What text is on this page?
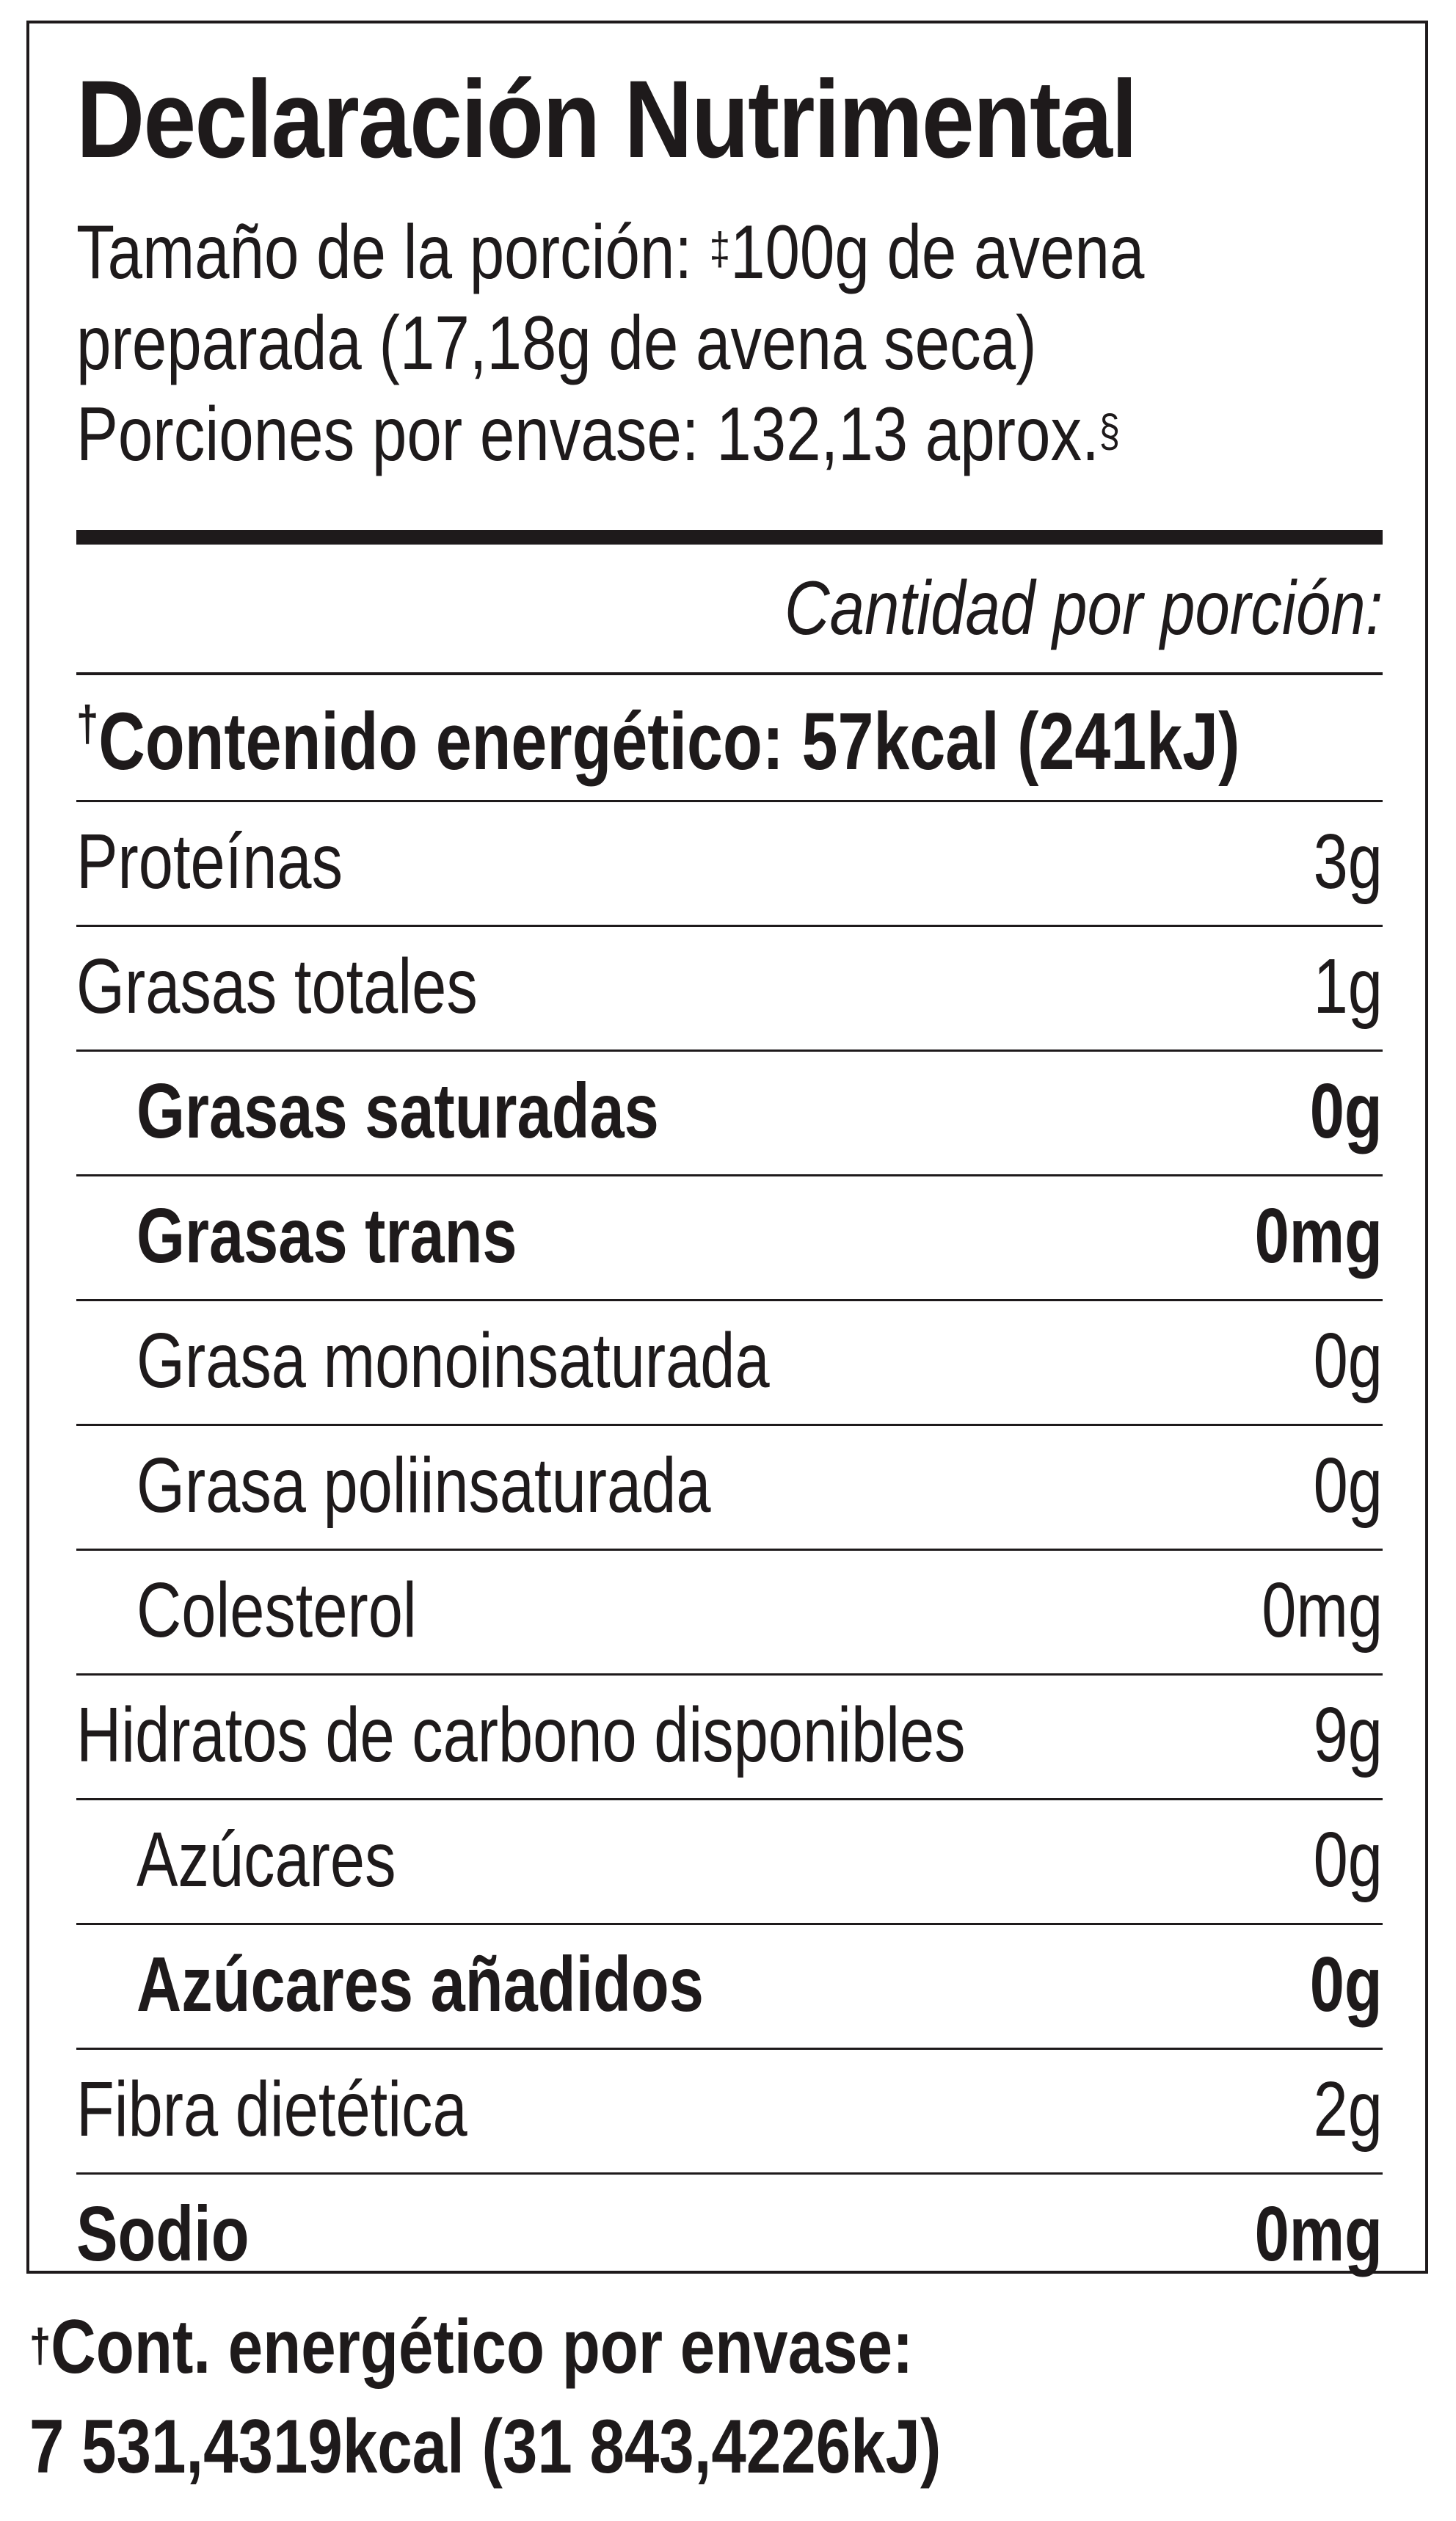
Declaración Nutrimental
Tamaño de la porción: ‡100g de avena
preparada (17,18g de avena seca)
Porciones por envase: 132,13 aprox.§
Cantidad por porción:
†Contenido energético: 57kcal (241kJ)
Proteínas	3g
Grasas totales	1g
Grasas saturadas	0g
Grasas trans	0mg
Grasa monoinsaturada	0g
Grasa poliinsaturada	0g
Colesterol	0mg
Hidratos de carbono disponibles	9g
Azúcares	0g
Azúcares añadidos	0g
Fibra dietética	2g
Sodio	0mg
†Cont. energético por envase:
7 531,4319kcal (31 843,4226kJ)
